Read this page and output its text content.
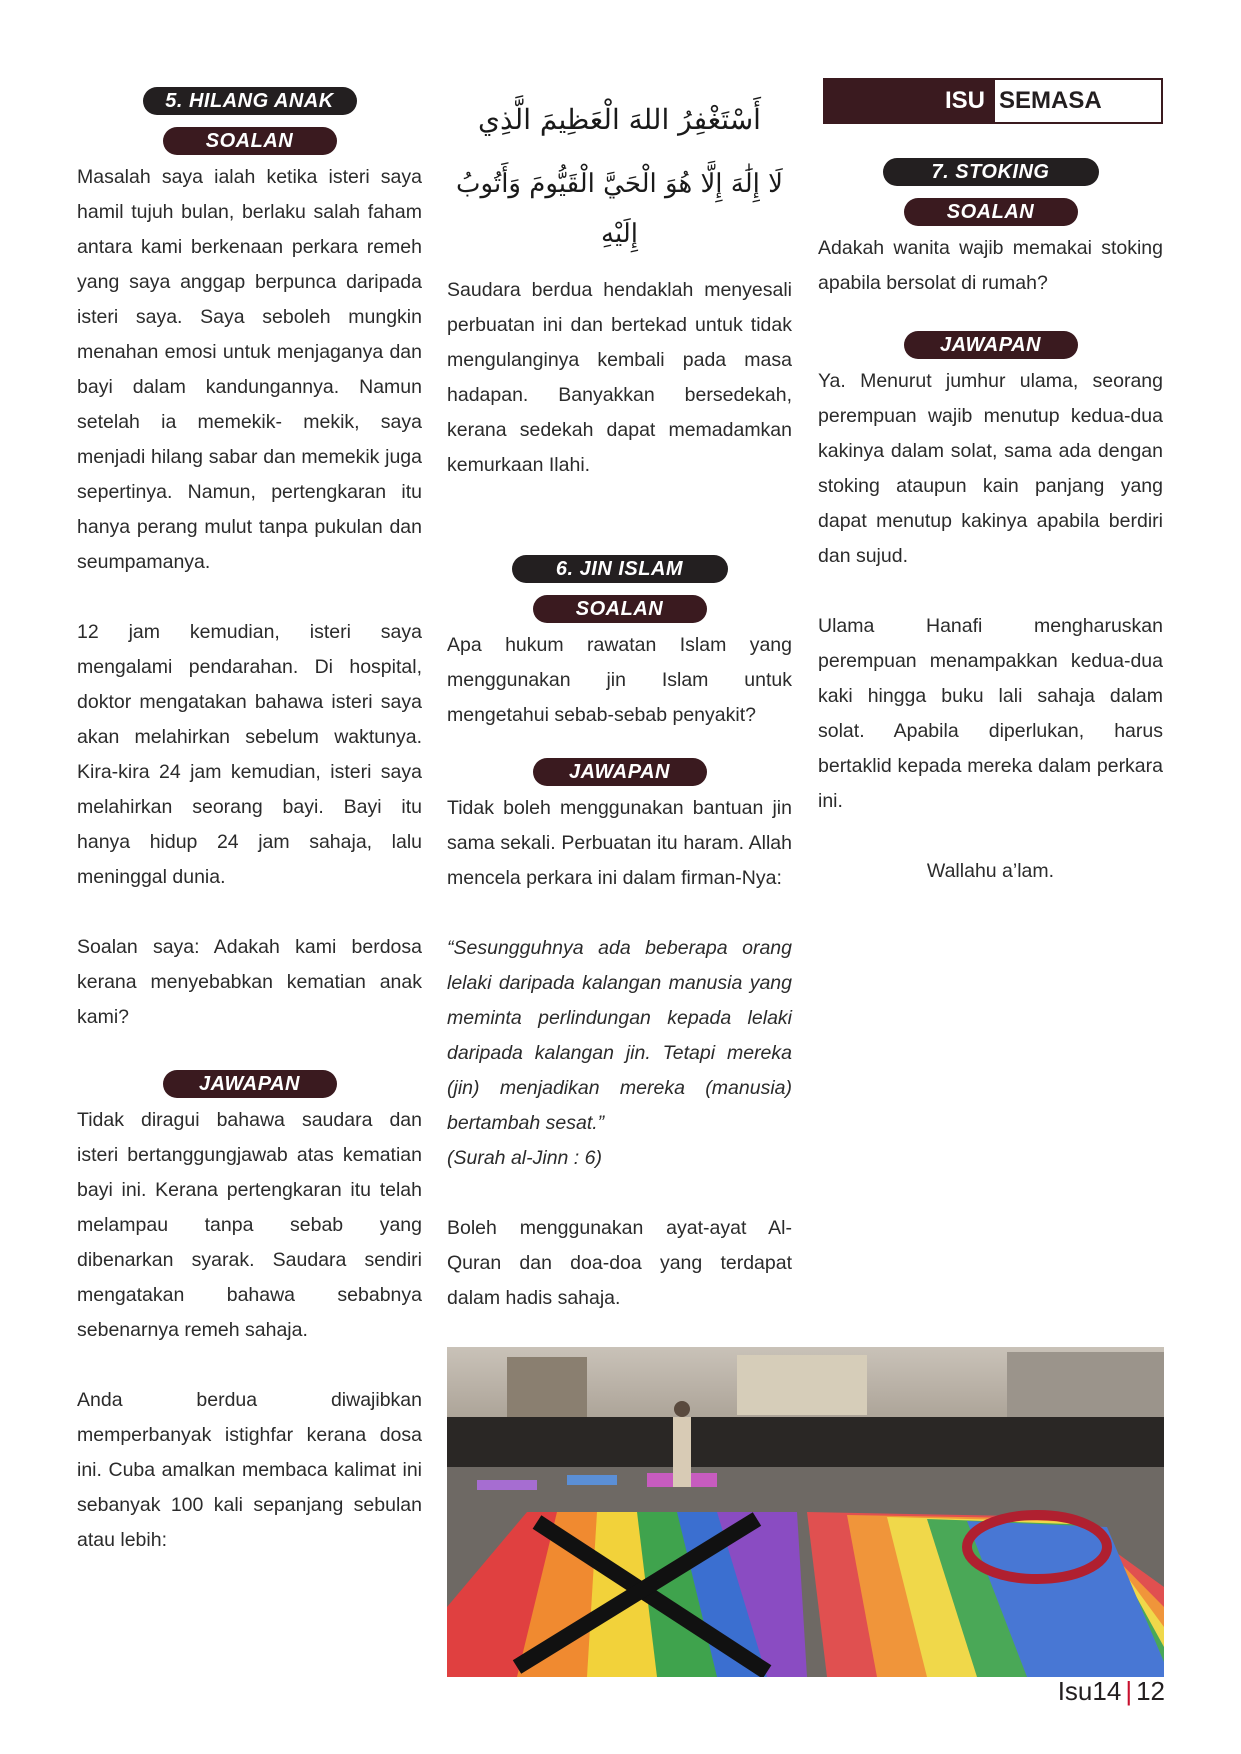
ISU SEMASA
5. HILANG ANAK
SOALAN

Masalah saya ialah ketika isteri saya hamil tujuh bulan, berlaku salah faham antara kami berkenaan perkara remeh yang saya anggap berpunca daripada isteri saya. Saya seboleh mungkin menahan emosi untuk menjaganya dan bayi dalam kandungannya. Namun setelah ia memekik- mekik, saya menjadi hilang sabar dan memekik juga sepertinya. Namun, pertengkaran itu hanya perang mulut tanpa pukulan dan seumpamanya.

12 jam kemudian, isteri saya mengalami pendarahan. Di hospital, doktor mengatakan bahawa isteri saya akan melahirkan sebelum waktunya. Kira-kira 24 jam kemudian, isteri saya melahirkan seorang bayi. Bayi itu hanya hidup 24 jam sahaja, lalu meninggal dunia.

Soalan saya: Adakah kami berdosa kerana menyebabkan kematian anak kami?

JAWAPAN

Tidak diragui bahawa saudara dan isteri bertanggungjawab atas kematian bayi ini. Kerana pertengkaran itu telah melampau tanpa sebab yang dibenarkan syarak. Saudara sendiri mengatakan bahawa sebabnya sebenarnya remeh sahaja.

Anda berdua diwajibkan memperbanyak istighfar kerana dosa ini. Cuba amalkan membaca kalimat ini sebanyak 100 kali sepanjang sebulan atau lebih:

أَسْتَغْفِرُ اللهَ الْعَظِيمَ الَّذِي
لَا إِلَٰهَ إِلَّا هُوَ الْحَيَّ الْقَيُّومَ وَأَتُوبُ إِلَيْهِ

Saudara berdua hendaklah menyesali perbuatan ini dan bertekad untuk tidak mengulanginya kembali pada masa hadapan. Banyakkan bersedekah, kerana sedekah dapat memadamkan kemurkaan Ilahi.

6. JIN ISLAM
SOALAN

Apa hukum rawatan Islam yang menggunakan jin Islam untuk mengetahui sebab-sebab penyakit?

JAWAPAN

Tidak boleh menggunakan bantuan jin sama sekali. Perbuatan itu haram. Allah mencela perkara ini dalam firman-Nya:

“Sesungguhnya ada beberapa orang lelaki daripada kalangan manusia yang meminta perlindungan kepada lelaki daripada kalangan jin. Tetapi mereka (jin) menjadikan mereka (manusia) bertambah sesat.”

(Surah al-Jinn : 6)

Boleh menggunakan ayat-ayat Al-Quran dan doa-doa yang terdapat dalam hadis sahaja.

7. STOKING
SOALAN

Adakah wanita wajib memakai stoking apabila bersolat di rumah?

JAWAPAN

Ya. Menurut jumhur ulama, seorang perempuan wajib menutup kedua-dua kakinya dalam solat, sama ada dengan stoking ataupun kain panjang yang dapat menutup kakinya apabila berdiri dan sujud.

Ulama Hanafi mengharuskan perempuan menampakkan kedua-dua kaki hingga buku lali sahaja dalam solat. Apabila diperlukan, harus bertaklid kepada mereka dalam perkara ini.

Wallahu a’lam.

Isu14 | 12
